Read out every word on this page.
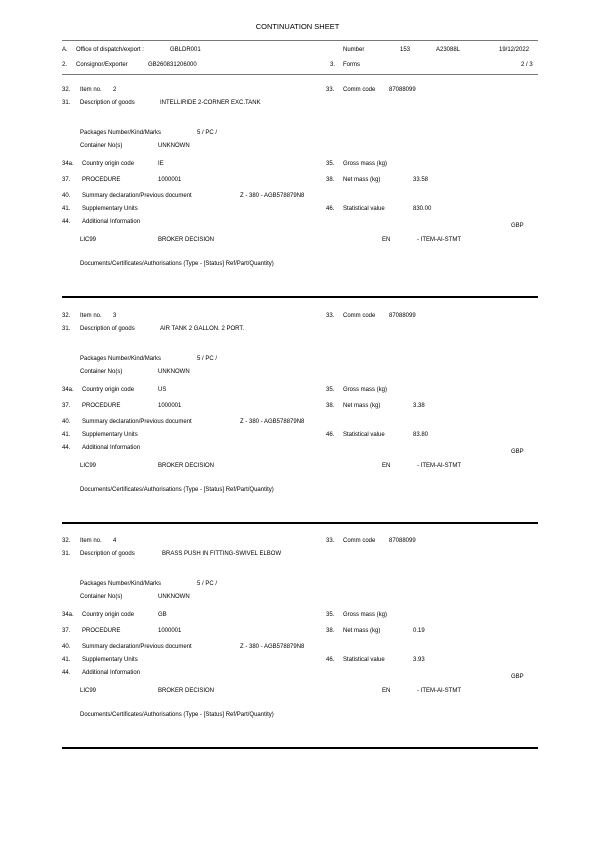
CONTINUATION SHEET
A. Office of dispatch/export :	GBLDR001	Number	153	A23088L	19/12/2022
2. Consignor/Exporter	GB260831206000	3. Forms	2 / 3
32. Item no. 2	33. Comm code 87088099
31. Description of goods	INTELLIRIDE 2-CORNER EXC.TANK
Packages Number/Kind/Marks	5 / PC /
Container No(s)	UNKNOWN
34a. Country origin code	IE	35. Gross mass (kg)
37. PROCEDURE	1000001	38. Net mass (kg)	33.58
40. Summary declaration/Previous document	Z - 380 - AGB578879N8
41. Supplementary Units	46. Statistical value	830.00
44. Additional Information
GBP
LIC99	BROKER DECISION	EN	- ITEM-AI-STMT
Documents/Certificates/Authorisations (Type - [Status] Ref/Part/Quantity)
32. Item no. 3	33. Comm code 87088099
31. Description of goods	AIR TANK 2 GALLON. 2 PORT.
Packages Number/Kind/Marks	5 / PC /
Container No(s)	UNKNOWN
34a. Country origin code	US	35. Gross mass (kg)
37. PROCEDURE	1000001	38. Net mass (kg)	3.38
40. Summary declaration/Previous document	Z - 380 - AGB578879N8
41. Supplementary Units	46. Statistical value	83.80
44. Additional Information
GBP
LIC99	BROKER DECISION	EN	- ITEM-AI-STMT
Documents/Certificates/Authorisations (Type - [Status] Ref/Part/Quantity)
32. Item no. 4	33. Comm code 87088099
31. Description of goods	BRASS PUSH IN FITTING-SWIVEL ELBOW
Packages Number/Kind/Marks	5 / PC /
Container No(s)	UNKNOWN
34a. Country origin code	GB	35. Gross mass (kg)
37. PROCEDURE	1000001	38. Net mass (kg)	0.19
40. Summary declaration/Previous document	Z - 380 - AGB578879N8
41. Supplementary Units	46. Statistical value	3.93
44. Additional Information
GBP
LIC99	BROKER DECISION	EN	- ITEM-AI-STMT
Documents/Certificates/Authorisations (Type - [Status] Ref/Part/Quantity)
